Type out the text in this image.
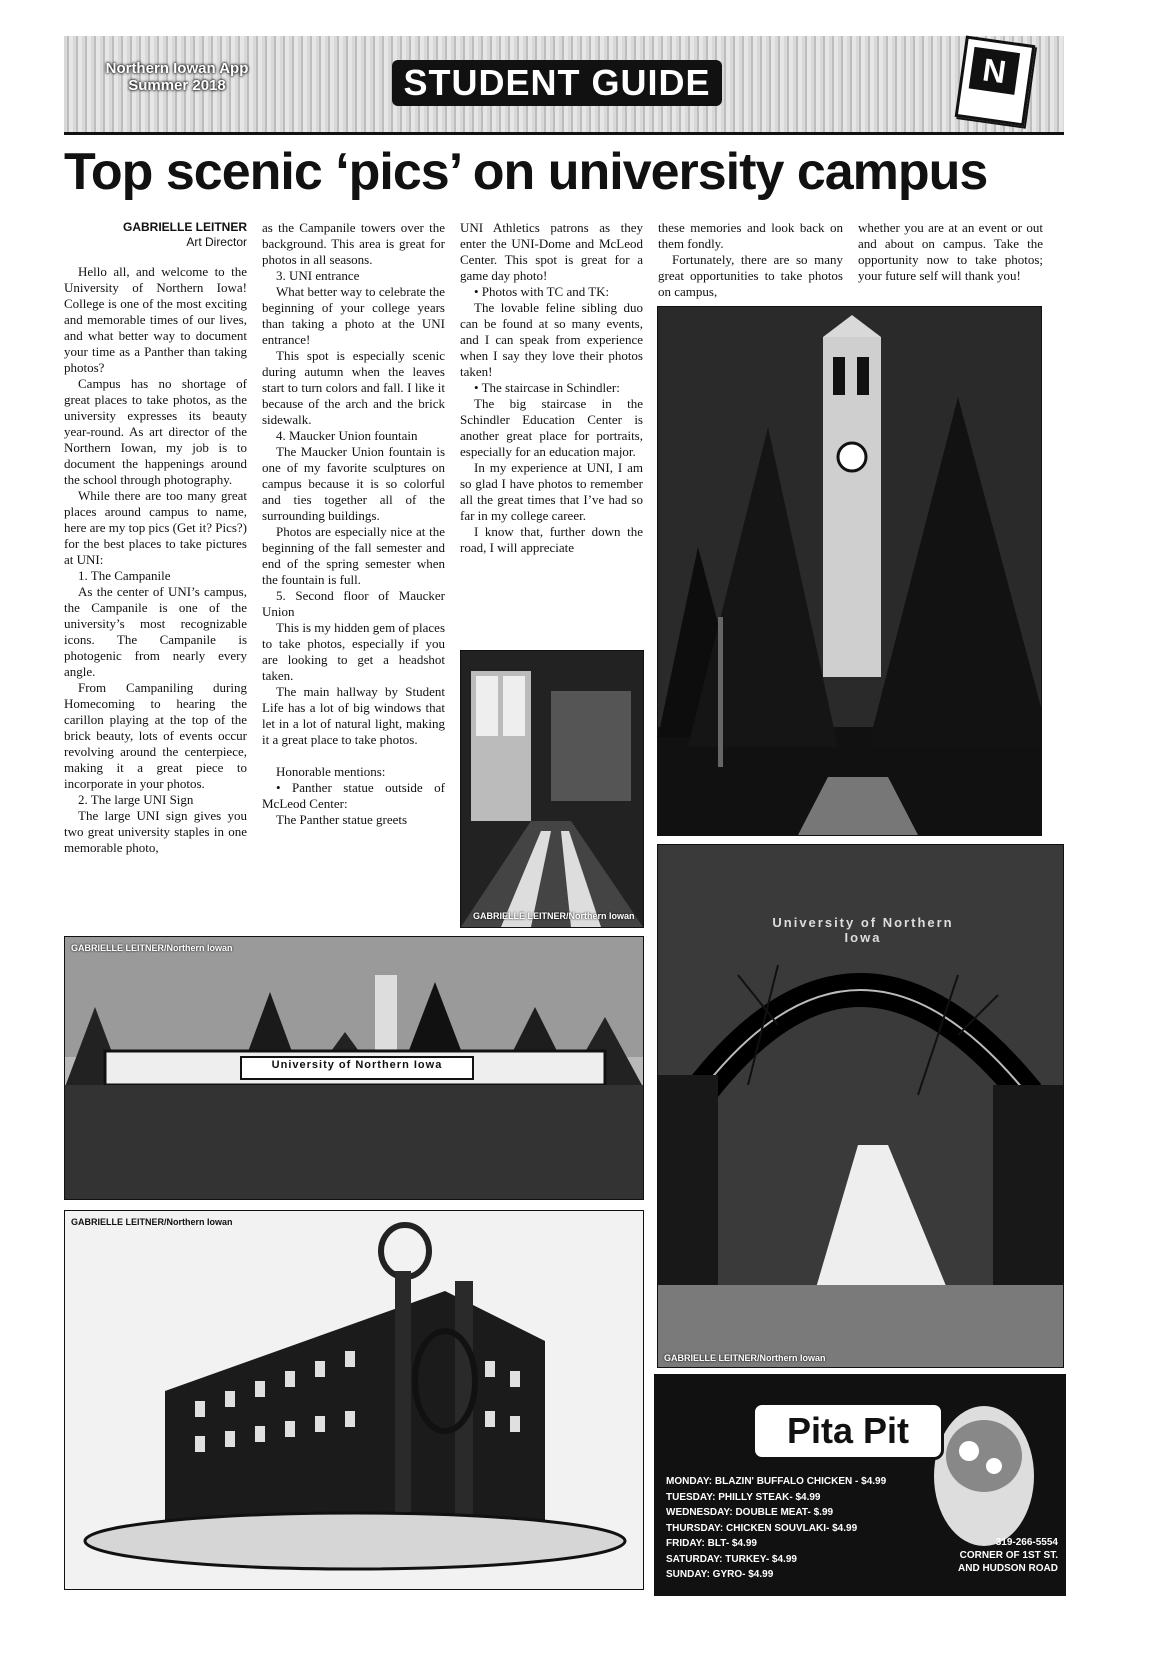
Northern Iowan App
Summer 2018	STUDENT GUIDE	N
Top scenic ‘pics’ on university campus
GABRIELLE LEITNER
Art Director

Hello all, and welcome to the University of Northern Iowa! College is one of the most exciting and memorable times of our lives, and what better way to document your time as a Panther than taking photos?

Campus has no shortage of great places to take photos, as the university expresses its beauty year-round. As art director of the Northern Iowan, my job is to document the happenings around the school through photography.

While there are too many great places around campus to name, here are my top pics (Get it? Pics?) for the best places to take pictures at UNI:

1. The Campanile

As the center of UNI’s campus, the Campanile is one of the university’s most recognizable icons. The Campanile is photogenic from nearly every angle.

From Campaniling during Homecoming to hearing the carillon playing at the top of the brick beauty, lots of events occur revolving around the centerpiece, making it a great piece to incorporate in your photos.

2. The large UNI Sign

The large UNI sign gives you two great university staples in one memorable photo,

as the Campanile towers over the background. This area is great for photos in all seasons.

3. UNI entrance

What better way to celebrate the beginning of your college years than taking a photo at the UNI entrance!

This spot is especially scenic during autumn when the leaves start to turn colors and fall. I like it because of the arch and the brick sidewalk.

4. Maucker Union fountain

The Maucker Union fountain is one of my favorite sculptures on campus because it is so colorful and ties together all of the surrounding buildings.

Photos are especially nice at the beginning of the fall semester and end of the spring semester when the fountain is full.

5. Second floor of Maucker Union

This is my hidden gem of places to take photos, especially if you are looking to get a headshot taken.

The main hallway by Student Life has a lot of big windows that let in a lot of natural light, making it a great place to take photos.

Honorable mentions:

• Panther statue outside of McLeod Center:

The Panther statue greets

UNI Athletics patrons as they enter the UNI-Dome and McLeod Center. This spot is great for a game day photo!

• Photos with TC and TK:

The lovable feline sibling duo can be found at so many events, and I can speak from experience when I say they love their photos taken!

• The staircase in Schindler:

The big staircase in the Schindler Education Center is another great place for portraits, especially for an education major.

In my experience at UNI, I am so glad I have photos to remember all the great times that I’ve had so far in my college career.

I know that, further down the road, I will appreciate

these memories and look back on them fondly.

Fortunately, there are so many great opportunities to take photos on campus,

whether you are at an event or out and about on campus. Take the opportunity now to take photos; your future self will thank you!

GABRIELLE LEITNER/Northern Iowan
GABRIELLE LEITNER/Northern Iowan
University of Northern Iowa
GABRIELLE LEITNER/Northern Iowan
University of Northern Iowa
GABRIELLE LEITNER/Northern Iowan
Pita Pit
MONDAY: BLAZIN' BUFFALO CHICKEN - $4.99
TUESDAY: PHILLY STEAK- $4.99
WEDNESDAY: DOUBLE MEAT- $.99
THURSDAY: CHICKEN SOUVLAKI- $4.99
FRIDAY: BLT- $4.99
SATURDAY: TURKEY- $4.99
SUNDAY: GYRO- $4.99
319-266-5554
CORNER OF 1ST ST.
AND HUDSON ROAD
